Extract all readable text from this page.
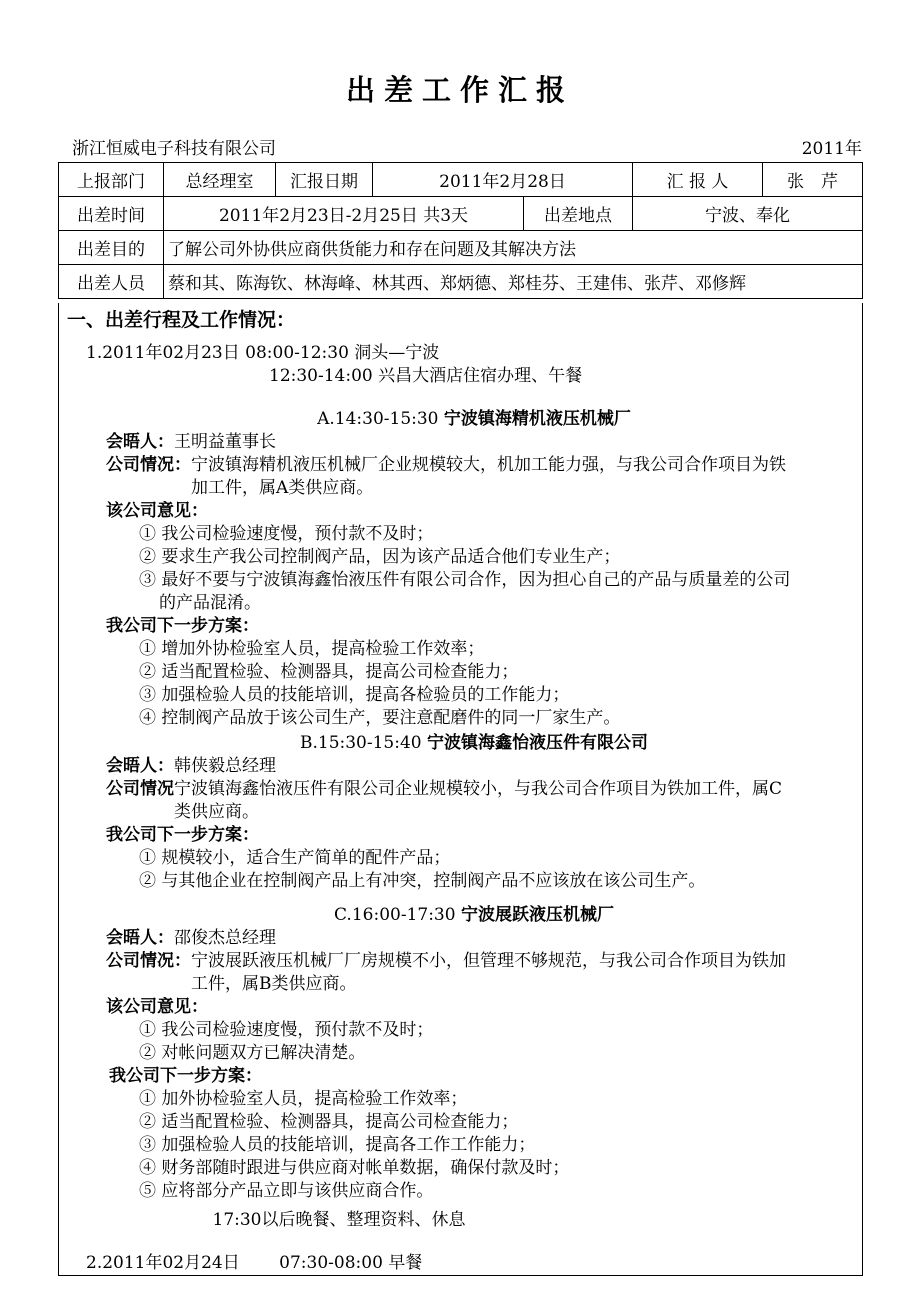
出差工作汇报
浙江恒威电子科技有限公司	2011年
上报部门	总经理室	汇报日期	2011年2月28日		汇 报 人	张　芹
出差时间	2011年2月23日-2月25日 共3天			出差地点	宁波、奉化	
出差目的	了解公司外协供应商供货能力和存在问题及其解决方法					
出差人员	蔡和其、陈海钦、林海峰、林其西、郑炳德、郑桂芬、王建伟、张芹、邓修辉					
一、出差行程及工作情况：
1.2011年02月23日 08:00-12:30 洞头—宁波
12:30-14:00 兴昌大酒店住宿办理、午餐
A.14:30-15:30 宁波镇海精机液压机械厂
会晤人：王明益董事长
公司情况：宁波镇海精机液压机械厂企业规模较大，机加工能力强，与我公司合作项目为铁
加工件，属A类供应商。
该公司意见：
① 我公司检验速度慢，预付款不及时；
② 要求生产我公司控制阀产品，因为该产品适合他们专业生产；
③ 最好不要与宁波镇海鑫怡液压件有限公司合作，因为担心自己的产品与质量差的公司
的产品混淆。
我公司下一步方案：
① 增加外协检验室人员，提高检验工作效率；
② 适当配置检验、检测器具，提高公司检查能力；
③ 加强检验人员的技能培训，提高各检验员的工作能力；
④ 控制阀产品放于该公司生产，要注意配磨件的同一厂家生产。
B.15:30-15:40 宁波镇海鑫怡液压件有限公司
会晤人：韩侠毅总经理
公司情况宁波镇海鑫怡液压件有限公司企业规模较小，与我公司合作项目为铁加工件，属C
类供应商。
我公司下一步方案：
① 规模较小，适合生产简单的配件产品；
② 与其他企业在控制阀产品上有冲突，控制阀产品不应该放在该公司生产。
C.16:00-17:30 宁波展跃液压机械厂
会晤人：邵俊杰总经理
公司情况：宁波展跃液压机械厂厂房规模不小，但管理不够规范，与我公司合作项目为铁加
工件，属B类供应商。
该公司意见：
① 我公司检验速度慢，预付款不及时；
② 对帐问题双方已解决清楚。
我公司下一步方案：
① 加外协检验室人员，提高检验工作效率；
② 适当配置检验、检测器具，提高公司检查能力；
③ 加强检验人员的技能培训，提高各工作工作能力；
④ 财务部随时跟进与供应商对帐单数据，确保付款及时；
⑤ 应将部分产品立即与该供应商合作。
17:30以后晚餐、整理资料、休息
2.2011年02月24日　　 07:30-08:00 早餐
